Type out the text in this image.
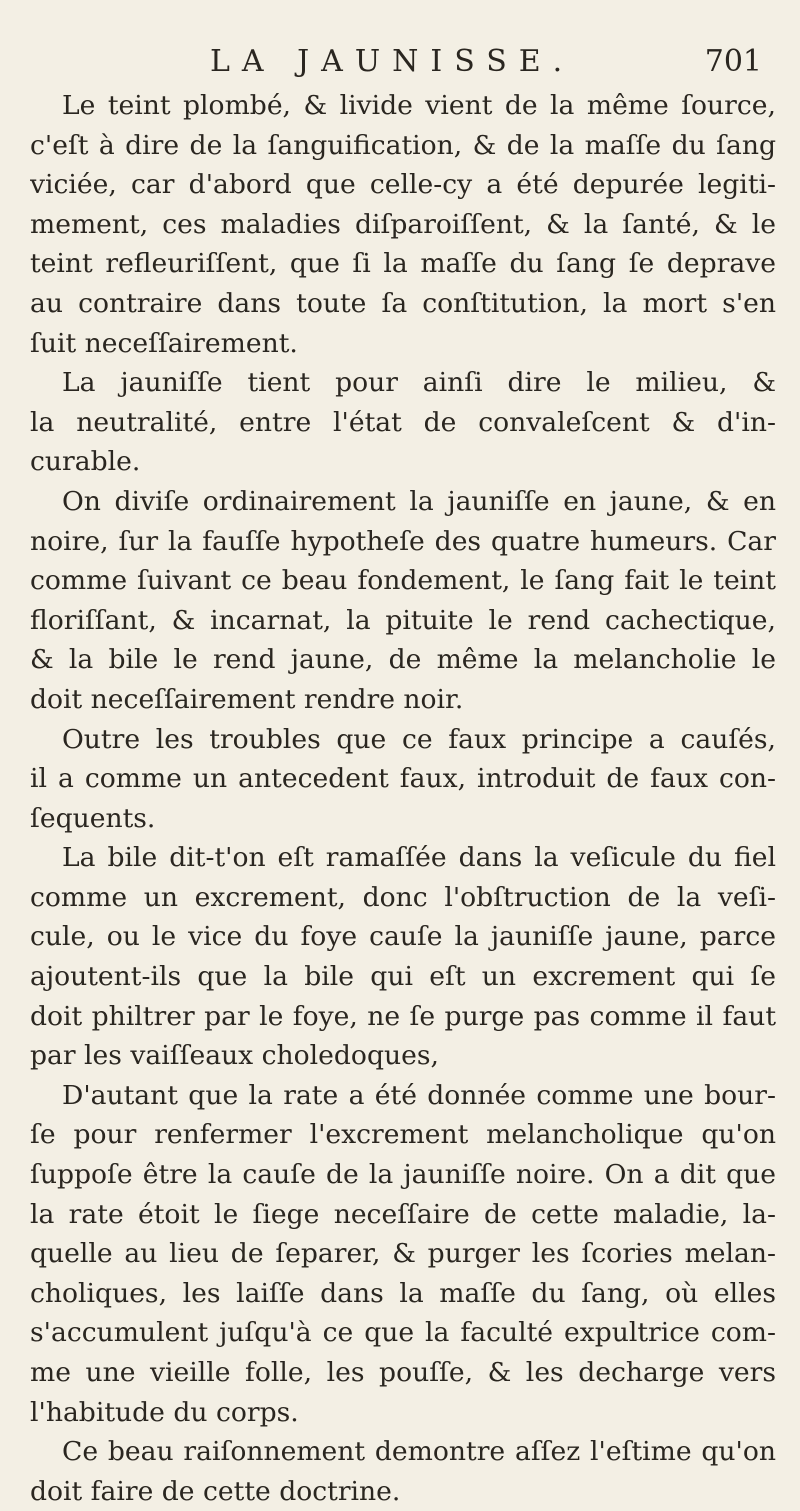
LA JAUNISSE.	701
Le teint plombé, & livide vient de la même ſource,
c'eſt à dire de la ſanguification, & de la maſſe du ſang
viciée, car d'abord que celle-cy a été depurée legiti-
mement, ces maladies diſparoiſſent, & la ſanté, & le
teint refleuriſſent, que ſi la maſſe du ſang ſe deprave
au contraire dans toute ſa conſtitution, la mort s'en
ſuit neceſſairement.
La jauniſſe tient pour ainſi dire le milieu, &
la neutralité, entre l'état de convaleſcent & d'in-
curable.
On diviſe ordinairement la jauniſſe en jaune, & en
noire, ſur la fauſſe hypotheſe des quatre humeurs. Car
comme ſuivant ce beau fondement, le ſang fait le teint
floriſſant, & incarnat, la pituite le rend cachectique,
& la bile le rend jaune, de même la melancholie le
doit neceſſairement rendre noir.
Outre les troubles que ce faux principe a cauſés,
il a comme un antecedent faux, introduit de faux con-
ſequents.
La bile dit-t'on eſt ramaſſée dans la veſicule du fiel
comme un excrement, donc l'obſtruction de la veſi-
cule, ou le vice du foye cauſe la jauniſſe jaune, parce
ajoutent-ils que la bile qui eſt un excrement qui ſe
doit philtrer par le foye, ne ſe purge pas comme il faut
par les vaiſſeaux choledoques,
D'autant que la rate a été donnée comme une bour-
ſe pour renfermer l'excrement melancholique qu'on
ſuppoſe être la cauſe de la jauniſſe noire. On a dit que
la rate étoit le ſiege neceſſaire de cette maladie, la-
quelle au lieu de ſeparer, & purger les ſcories melan-
choliques, les laiſſe dans la maſſe du ſang, où elles
s'accumulent juſqu'à ce que la faculté expultrice com-
me une vieille folle, les pouſſe, & les decharge vers
l'habitude du corps.
Ce beau raiſonnement demontre aſſez l'eſtime qu'on
doit faire de cette doctrine.
